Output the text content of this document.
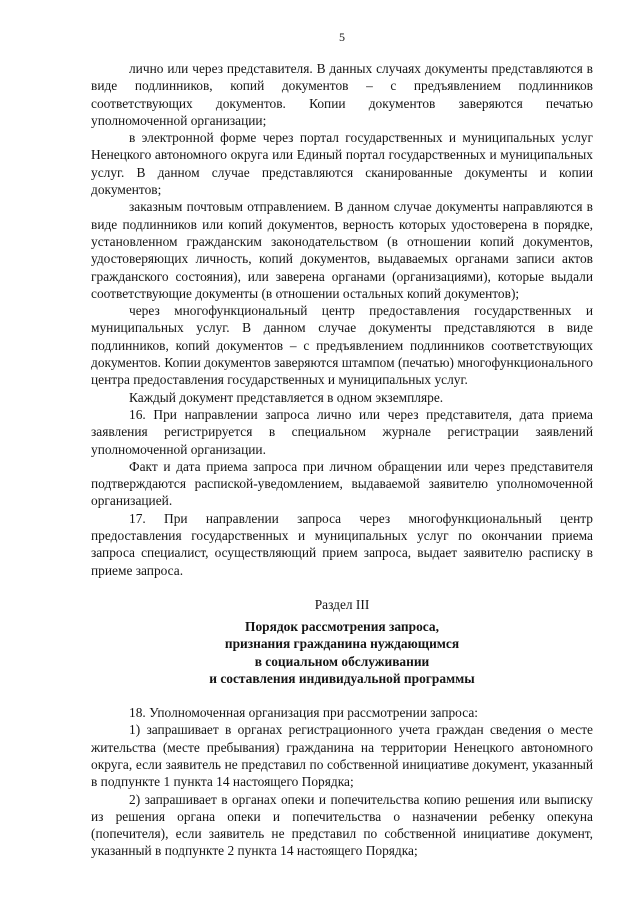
5

лично или через представителя. В данных случаях документы представляются в виде подлинников, копий документов – с предъявлением подлинников соответствующих документов. Копии документов заверяются печатью уполномоченной организации;

в электронной форме через портал государственных и муниципальных услуг Ненецкого автономного округа или Единый портал государственных и муниципальных услуг. В данном случае представляются сканированные документы и копии документов;

заказным почтовым отправлением. В данном случае документы направляются в виде подлинников или копий документов, верность которых удостоверена в порядке, установленном гражданским законодательством (в отношении копий документов, удостоверяющих личность, копий документов, выдаваемых органами записи актов гражданского состояния), или заверена органами (организациями), которые выдали соответствующие документы (в отношении остальных копий документов);

через многофункциональный центр предоставления государственных и муниципальных услуг. В данном случае документы представляются в виде подлинников, копий документов – с предъявлением подлинников соответствующих документов. Копии документов заверяются штампом (печатью) многофункционального центра предоставления государственных и муниципальных услуг.

Каждый документ представляется в одном экземпляре.

16. При направлении запроса лично или через представителя, дата приема заявления регистрируется в специальном журнале регистрации заявлений уполномоченной организации.

Факт и дата приема запроса при личном обращении или через представителя подтверждаются распиской-уведомлением, выдаваемой заявителю уполномоченной организацией.

17. При направлении запроса через многофункциональный центр предоставления государственных и муниципальных услуг по окончании приема запроса специалист, осуществляющий прием запроса, выдает заявителю расписку в приеме запроса.

Раздел III
Порядок рассмотрения запроса,
признания гражданина нуждающимся
в социальном обслуживании
и составления индивидуальной программы

18. Уполномоченная организация при рассмотрении запроса:

1) запрашивает в органах регистрационного учета граждан сведения о месте жительства (месте пребывания) гражданина на территории Ненецкого автономного округа, если заявитель не представил по собственной инициативе документ, указанный в подпункте 1 пункта 14 настоящего Порядка;

2) запрашивает в органах опеки и попечительства копию решения или выписку из решения органа опеки и попечительства о назначении ребенку опекуна (попечителя), если заявитель не представил по собственной инициативе документ, указанный в подпункте 2 пункта 14 настоящего Порядка;
